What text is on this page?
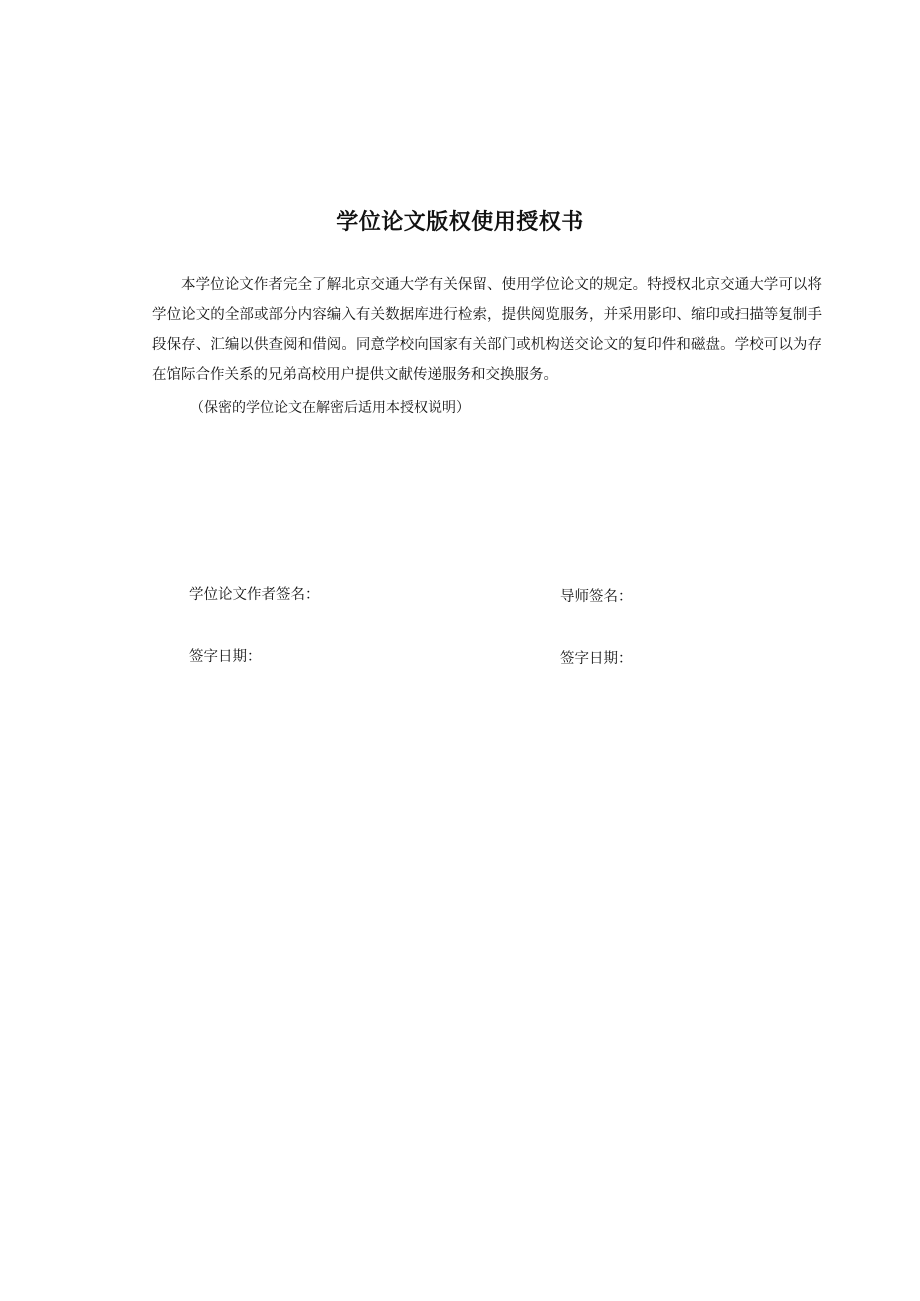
学位论文版权使用授权书

本学位论文作者完全了解北京交通大学有关保留、使用学位论文的规定。特授权北京交通大学可以将学位论文的全部或部分内容编入有关数据库进行检索，提供阅览服务，并采用影印、缩印或扫描等复制手段保存、汇编以供查阅和借阅。同意学校向国家有关部门或机构送交论文的复印件和磁盘。学校可以为存在馆际合作关系的兄弟高校用户提供文献传递服务和交换服务。

（保密的学位论文在解密后适用本授权说明）
学位论文作者签名：	导师签名：
签字日期：	签字日期：
